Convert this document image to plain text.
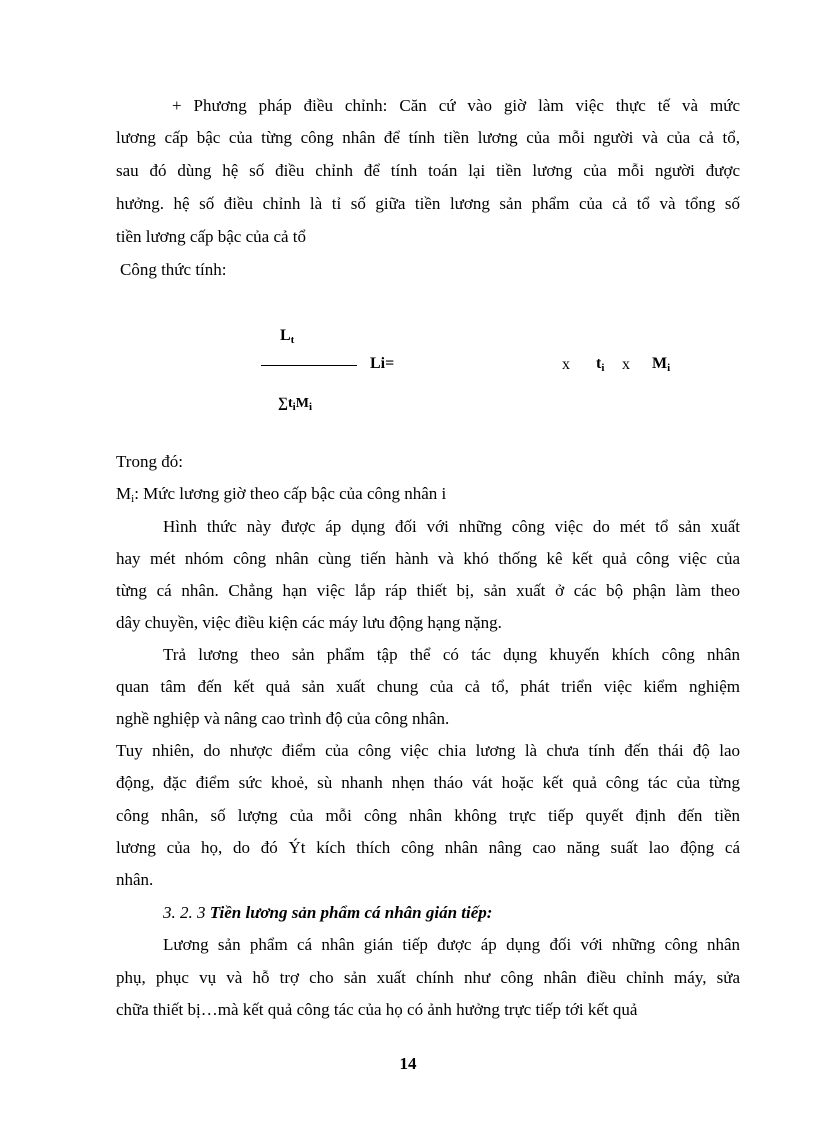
+ Phương pháp điều chỉnh: Căn cứ vào giờ làm việc thực tế và mức
lương cấp bậc của từng công nhân để tính tiền lương của mỗi người và của cả tổ,
sau đó dùng hệ số điều chỉnh để tính toán lại tiền lương của mỗi người được
hưởng. hệ số điều chỉnh là tỉ số giữa tiền lương sản phẩm của cả tổ và tổng số
tiền lương cấp bậc của cả tổ
Công thức tính:
$L_t$
Li=
$\sum t_iM_i$
x $t_i$ x $M_i$
Trong đó:
$M_i$: Mức lương giờ theo cấp bậc của công nhân i
Hình thức này được áp dụng đối với những công việc do mét tổ sản xuất
hay mét nhóm công nhân cùng tiến hành và khó thống kê kết quả công việc của
từng cá nhân. Chẳng hạn việc lắp ráp thiết bị, sản xuất ở các bộ phận làm theo
dây chuyền, việc điều kiện các máy lưu động hạng nặng.
Trả lương theo sản phẩm tập thể có tác dụng khuyến khích công nhân
quan tâm đến kết quả sản xuất chung của cả tổ, phát triển việc kiểm nghiệm
nghề nghiệp và nâng cao trình độ của công nhân.
Tuy nhiên, do nhược điểm của công việc chia lương là chưa tính đến thái độ lao
động, đặc điểm sức khoẻ, sù nhanh nhẹn tháo vát hoặc kết quả công tác của từng
công nhân, số lượng của mỗi công nhân không trực tiếp quyết định đến tiền
lương của họ, do đó Ýt kích thích công nhân nâng cao năng suất lao động cá
nhân.
3. 2. 3 Tiền lương sản phẩm cá nhân gián tiếp:
Lương sản phẩm cá nhân gián tiếp được áp dụng đối với những công nhân
phụ, phục vụ và hỗ trợ cho sản xuất chính như công nhân điều chỉnh máy, sửa
chữa thiết bị…mà kết quả công tác của họ có ảnh hưởng trực tiếp tới kết quả
14
